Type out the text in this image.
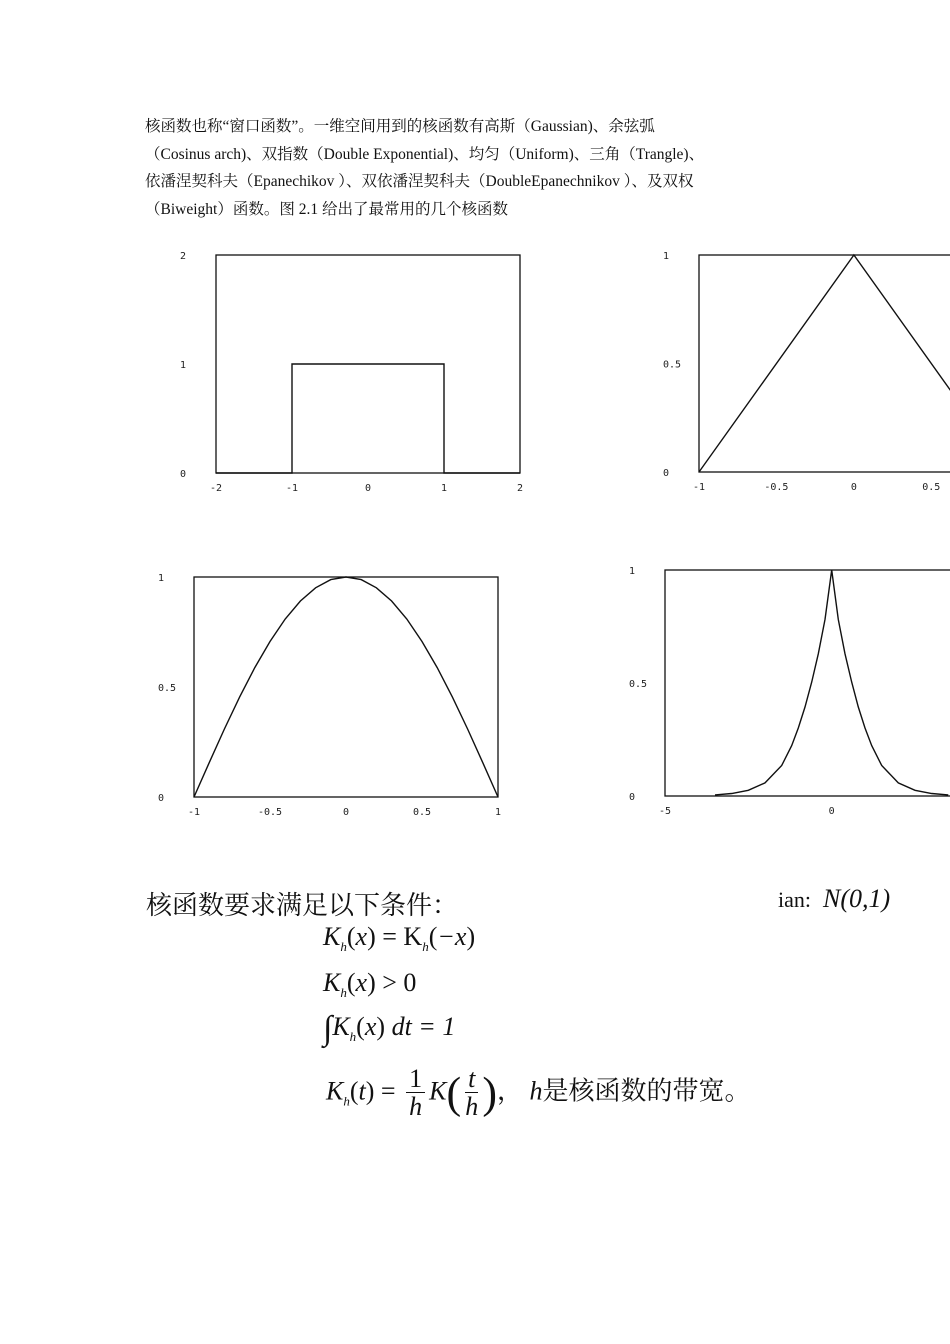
核函数也称“窗口函数”。一维空间用到的核函数有高斯（Gaussian)、余弦弧
（Cosinus arch)、双指数（Double Exponential)、均匀（Uniform)、三角（Trangle)、
依潘涅契科夫（Epanechikov ）、双依潘涅契科夫（DoubleEpanechnikov ）、及双权
（Biweight）函数。图 2.1 给出了最常用的几个核函数
-2	-1	0	1	2
0
1
2
-1	-0.5	0	0.5
0
0.5
1
-1	-0.5	0	0.5	1
0
0.5
1
-5	0
0
0.5
1
核函数要求满足以下条件：	ian: N(0,1)
$K_h(x) = K_h(-x)$
$K_h(x) > 0$
$\int K_h(x)$ dt = 1
$K_h(t) = \frac{1}{h} K( \frac{t}{h}$ )， h是核函数的带宽。
